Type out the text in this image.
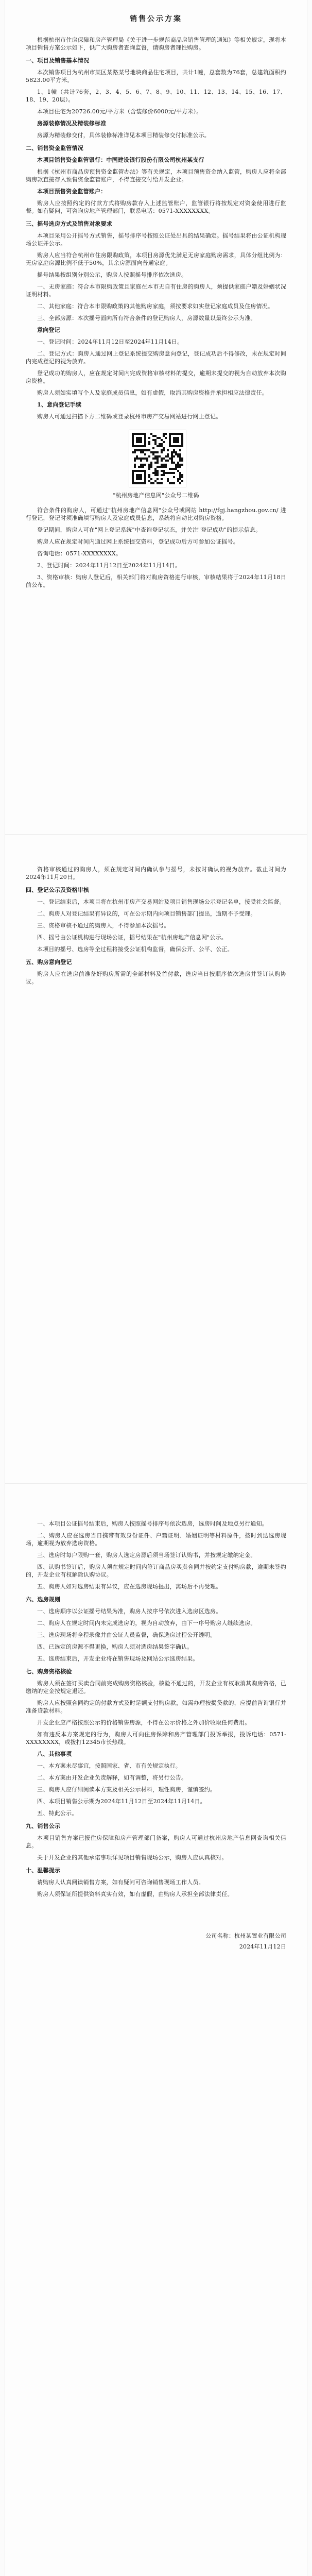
销售公示方案
根据杭州市住房保障和房产管理局《关于进一步规范商品房销售管理的通知》等相关规定，现将本项目销售方案公示如下，供广大购房者查询监督，请购房者理性购房。
一、项目及销售基本情况
本次销售项目为杭州市某区某路某号地块商品住宅项目，共计1幢，总套数为76套，总建筑面积约5823.00平方米。
1、1幢（共计76套，2、3、4、5、6、7、8、9、10、11、12、13、14、15、16、17、18、19、20层）。
本项目住宅为20726.00元/平方米（含装修价6000元/平方米）。
房源装修情况及精装修标准
房源为精装修交付，具体装修标准详见本项目精装修交付标准公示。
二、销售资金监管情况
本项目销售资金监管银行：中国建设银行股份有限公司杭州某支行
根据《杭州市商品房预售资金监管办法》等有关规定，本项目预售资金纳入监管，购房人应将全部购房款直接存入预售资金监管账户，不得直接交付给开发企业。
本项目预售资金监管账户：
购房人应按照约定的付款方式将购房款存入上述监管账户，监管银行将按规定对资金使用进行监督。如有疑问，可咨询房地产管理部门，联系电话：0571-XXXXXXXX。
三、摇号选房方式及销售对象要求
本项目采用公开摇号方式销售，摇号排序号按照公证处出具的结果确定。摇号结果将由公证机构现场公证并公示。
购房人应当符合杭州市住房限购政策，本项目房源优先满足无房家庭购房需求，具体分组比例为：无房家庭房源比例不低于50%，其余房源面向普通家庭。
摇号结果按组别分别公示，购房人按照摇号排序依次选房。
一、无房家庭：符合本市限购政策且家庭在本市无自有住房的购房人，须提供家庭户籍及婚姻状况证明材料。
二、其他家庭：符合本市限购政策的其他购房家庭，须按要求如实登记家庭成员及住房情况。
三、全部房源：本次摇号面向所有符合条件的登记购房人，房源数量以最终公示为准。
意向登记
一、登记时间：2024年11月12日至2024年11月14日。
二、登记方式：购房人通过网上登记系统提交购房意向登记，登记成功后不得修改，未在规定时间内完成登记的视为放弃。
登记成功的购房人，应在规定时间内完成资格审核材料的提交，逾期未提交的视为自动放弃本次购房资格。
购房人须如实填写个人及家庭成员信息，如有虚假，取消其购房资格并承担相应法律责任。
1、意向登记手续
购房人可通过扫描下方二维码或登录杭州市房产交易网站进行网上登记。
"杭州房地产信息网"公众号二维码
符合条件的购房人，可通过"杭州房地产信息网"公众号或网站 http://fgj.hangzhou.gov.cn/ 进行登记，登记时须准确填写购房人及家庭成员信息，系统将自动比对购房资格。
登记期间，购房人可在"网上登记系统"中查询登记状态，并关注"登记成功"的提示信息。
购房人应在规定时间内通过网上系统提交资料，登记成功后方可参加公证摇号。
咨询电话：0571-XXXXXXXX。
2、登记时间：2024年11月12日至2024年11月14日。
3、资格审核：购房人登记后，相关部门将对购房资格进行审核，审核结果将于2024年11月18日前公布。
资格审核通过的购房人，须在规定时间内确认参与摇号，未按时确认的视为放弃。截止时间为2024年11月20日。
四、登记公示及资格审核
一、登记结束后，本项目将在杭州市房产交易网站及项目销售现场公示登记名单，接受社会监督。
二、购房人对登记结果有异议的，可在公示期内向项目销售部门提出，逾期不予受理。
三、资格审核不通过的购房人，不得参加本次摇号。
四、摇号由公证机构进行现场公证，摇号结果在"杭州房地产信息网"公示。
本项目的摇号、选房等全过程将接受公证机构监督，确保公开、公平、公正。
五、购房意向登记
购房人应在选房前准备好购房所需的全部材料及首付款，选房当日按顺序依次选房并签订认购协议。
一、本项目公证摇号结束后，购房人按照摇号排序号依次选房，选房时间及地点另行通知。
二、购房人应在选房当日携带有效身份证件、户籍证明、婚姻证明等材料原件，按时到达选房现场，逾期视为放弃选房资格。
三、选房时每户限购一套，购房人选定房源后须当场签订认购书，并按规定缴纳定金。
四、认购书签订后，购房人须在规定时间内签订商品房买卖合同并按约定支付购房款，逾期未签约的，开发企业有权解除认购协议。
五、购房人如对选房结果有异议，应在选房现场提出，离场后不再受理。
六、选房规则
一、选房顺序以公证摇号结果为准，购房人按序号依次进入选房区选房。
二、购房人在规定时间内未完成选房的，视为自动放弃，由下一序号购房人继续选房。
三、选房现场将全程录像并由公证人员监督，确保选房过程公开透明。
四、已选定的房源不得更换，购房人须对选房结果签字确认。
五、选房结束后，开发企业将在销售现场及网站公示选房结果。
七、购房资格核验
购房人须在签订买卖合同前完成购房资格核验，核验不通过的，开发企业有权取消其购房资格，已缴纳的定金按规定退还。
购房人应按照合同约定的付款方式及时足额支付购房款，如需办理按揭贷款的，应提前咨询银行并准备贷款材料。
开发企业应严格按照公示的价格销售房源，不得在公示价格之外加价收取任何费用。
如有违反本方案规定的行为，购房人可向住房保障和房产管理部门投诉举报，投诉电话：0571-XXXXXXXX，或拨打12345市长热线。
八、其他事项
一、本方案未尽事宜，按照国家、省、市有关规定执行。
二、本方案由开发企业负责解释，如有调整，将另行公告。
三、购房人应仔细阅读本方案及相关公示材料，理性购房，谨慎签约。
四、本项目销售公示期为2024年11月12日至2024年11月14日。
五、特此公示。
九、销售公示
本项目销售方案已报住房保障和房产管理部门备案，购房人可通过杭州房地产信息网查询相关信息。
关于开发企业的其他承诺事项详见项目销售现场公示，购房人应认真核对。
十、温馨提示
请购房人认真阅读销售方案，如有疑问可咨询销售现场工作人员。
购房人须保证所提供资料真实有效，如有虚假，由购房人承担全部法律责任。
公司名称：杭州某置业有限公司
2024年11月12日
